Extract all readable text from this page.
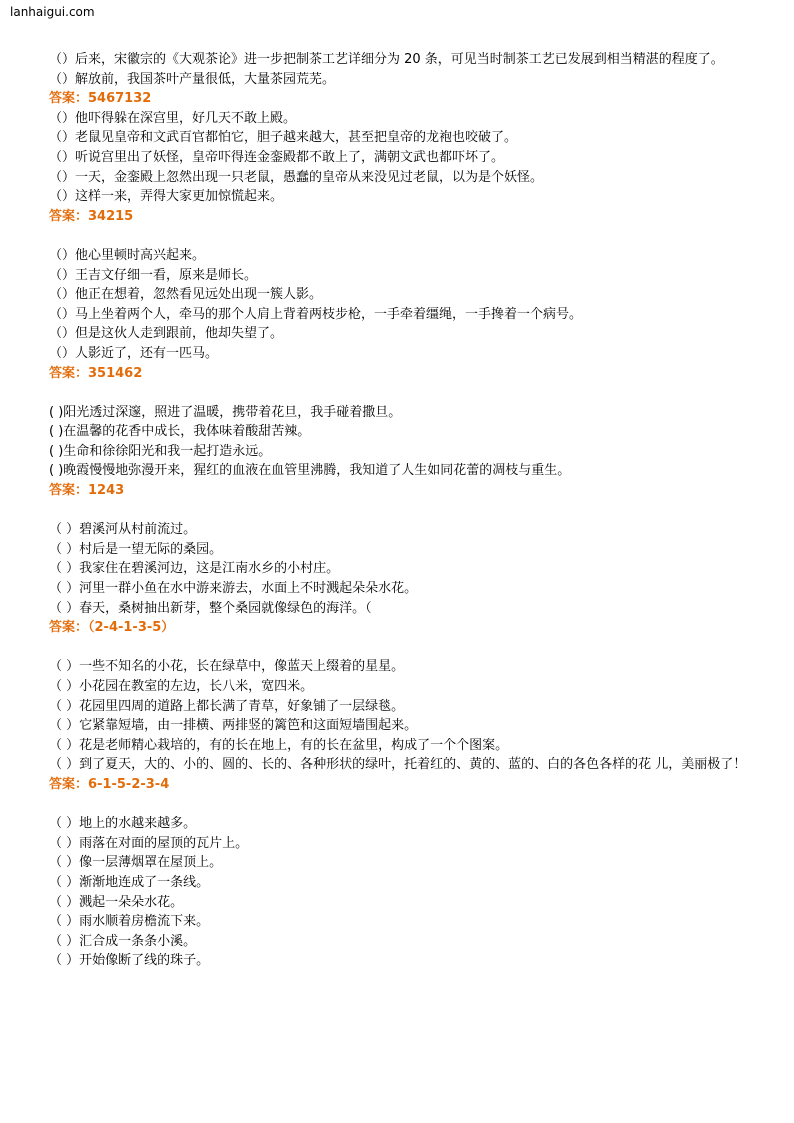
lanhaigui.com
（）后来，宋徽宗的《大观茶论》进一步把制茶工艺详细分为 20 条，可见当时制茶工艺已发展到相当精湛的程度了。
（）解放前，我国茶叶产量很低，大量茶园荒芜。
答案：5467132
（）他吓得躲在深宫里，好几天不敢上殿。
（）老鼠见皇帝和文武百官都怕它，胆子越来越大，甚至把皇帝的龙袍也咬破了。
（）听说宫里出了妖怪，皇帝吓得连金銮殿都不敢上了，满朝文武也都吓坏了。
（）一天，金銮殿上忽然出现一只老鼠，愚蠢的皇帝从来没见过老鼠，以为是个妖怪。
（）这样一来，弄得大家更加惊慌起来。
答案：34215
（）他心里顿时高兴起来。
（）王吉文仔细一看，原来是师长。
（）他正在想着，忽然看见远处出现一簇人影。
（）马上坐着两个人，牵马的那个人肩上背着两枝步枪，一手牵着缰绳，一手搀着一个病号。
（）但是这伙人走到跟前，他却失望了。
（）人影近了，还有一匹马。
答案：351462
( )阳光透过深邃，照进了温暖，携带着花旦，我手碰着撒旦。
( )在温馨的花香中成长，我体味着酸甜苦辣。
( )生命和徐徐阳光和我一起打造永远。
( )晚霞慢慢地弥漫开来，猩红的血液在血管里沸腾，我知道了人生如同花蕾的凋枝与重生。
答案：1243
（ ）碧溪河从村前流过。
（ ）村后是一望无际的桑园。
（ ）我家住在碧溪河边，这是江南水乡的小村庄。
（ ）河里一群小鱼在水中游来游去，水面上不时溅起朵朵水花。
（ ）春天，桑树抽出新芽，整个桑园就像绿色的海洋。（
答案：（2-4-1-3-5）
（ ）一些不知名的小花，长在绿草中，像蓝天上缀着的星星。
（ ）小花园在教室的左边，长八米，宽四米。
（ ）花园里四周的道路上都长满了青草，好象铺了一层绿毯。
（ ）它紧靠短墙，由一排横、两排竖的篱笆和这面短墙围起来。
（ ）花是老师精心栽培的，有的长在地上，有的长在盆里，构成了一个个图案。
（ ）到了夏天，大的、小的、圆的、长的、各种形状的绿叶，托着红的、黄的、蓝的、白的各色各样的花 儿，美丽极了！
答案：6-1-5-2-3-4
（ ）地上的水越来越多。
（ ）雨落在对面的屋顶的瓦片上。
（ ）像一层薄烟罩在屋顶上。
（ ）渐渐地连成了一条线。
（ ）溅起一朵朵水花。
（ ）雨水顺着房檐流下来。
（ ）汇合成一条条小溪。
（ ）开始像断了线的珠子。
